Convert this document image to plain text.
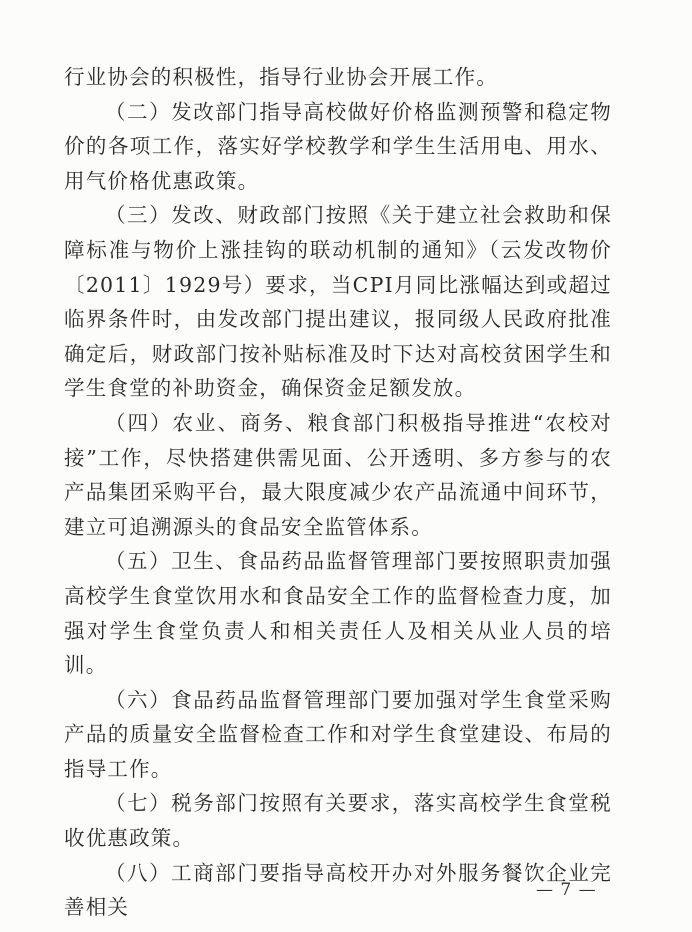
行业协会的积极性，指导行业协会开展工作。

（二）发改部门指导高校做好价格监测预警和稳定物价的各项工作，落实好学校教学和学生生活用电、用水、用气价格优惠政策。

（三）发改、财政部门按照《关于建立社会救助和保障标准与物价上涨挂钩的联动机制的通知》（云发改物价〔2011〕1929号）要求，当CPI月同比涨幅达到或超过临界条件时，由发改部门提出建议，报同级人民政府批准确定后，财政部门按补贴标准及时下达对高校贫困学生和学生食堂的补助资金，确保资金足额发放。

（四）农业、商务、粮食部门积极指导推进“农校对接”工作，尽快搭建供需见面、公开透明、多方参与的农产品集团采购平台，最大限度减少农产品流通中间环节，建立可追溯源头的食品安全监管体系。

（五）卫生、食品药品监督管理部门要按照职责加强高校学生食堂饮用水和食品安全工作的监督检查力度，加强对学生食堂负责人和相关责任人及相关从业人员的培训。

（六）食品药品监督管理部门要加强对学生食堂采购产品的质量安全监督检查工作和对学生食堂建设、布局的指导工作。

（七）税务部门按照有关要求，落实高校学生食堂税收优惠政策。

（八）工商部门要指导高校开办对外服务餐饮企业完善相关

— 7 —
